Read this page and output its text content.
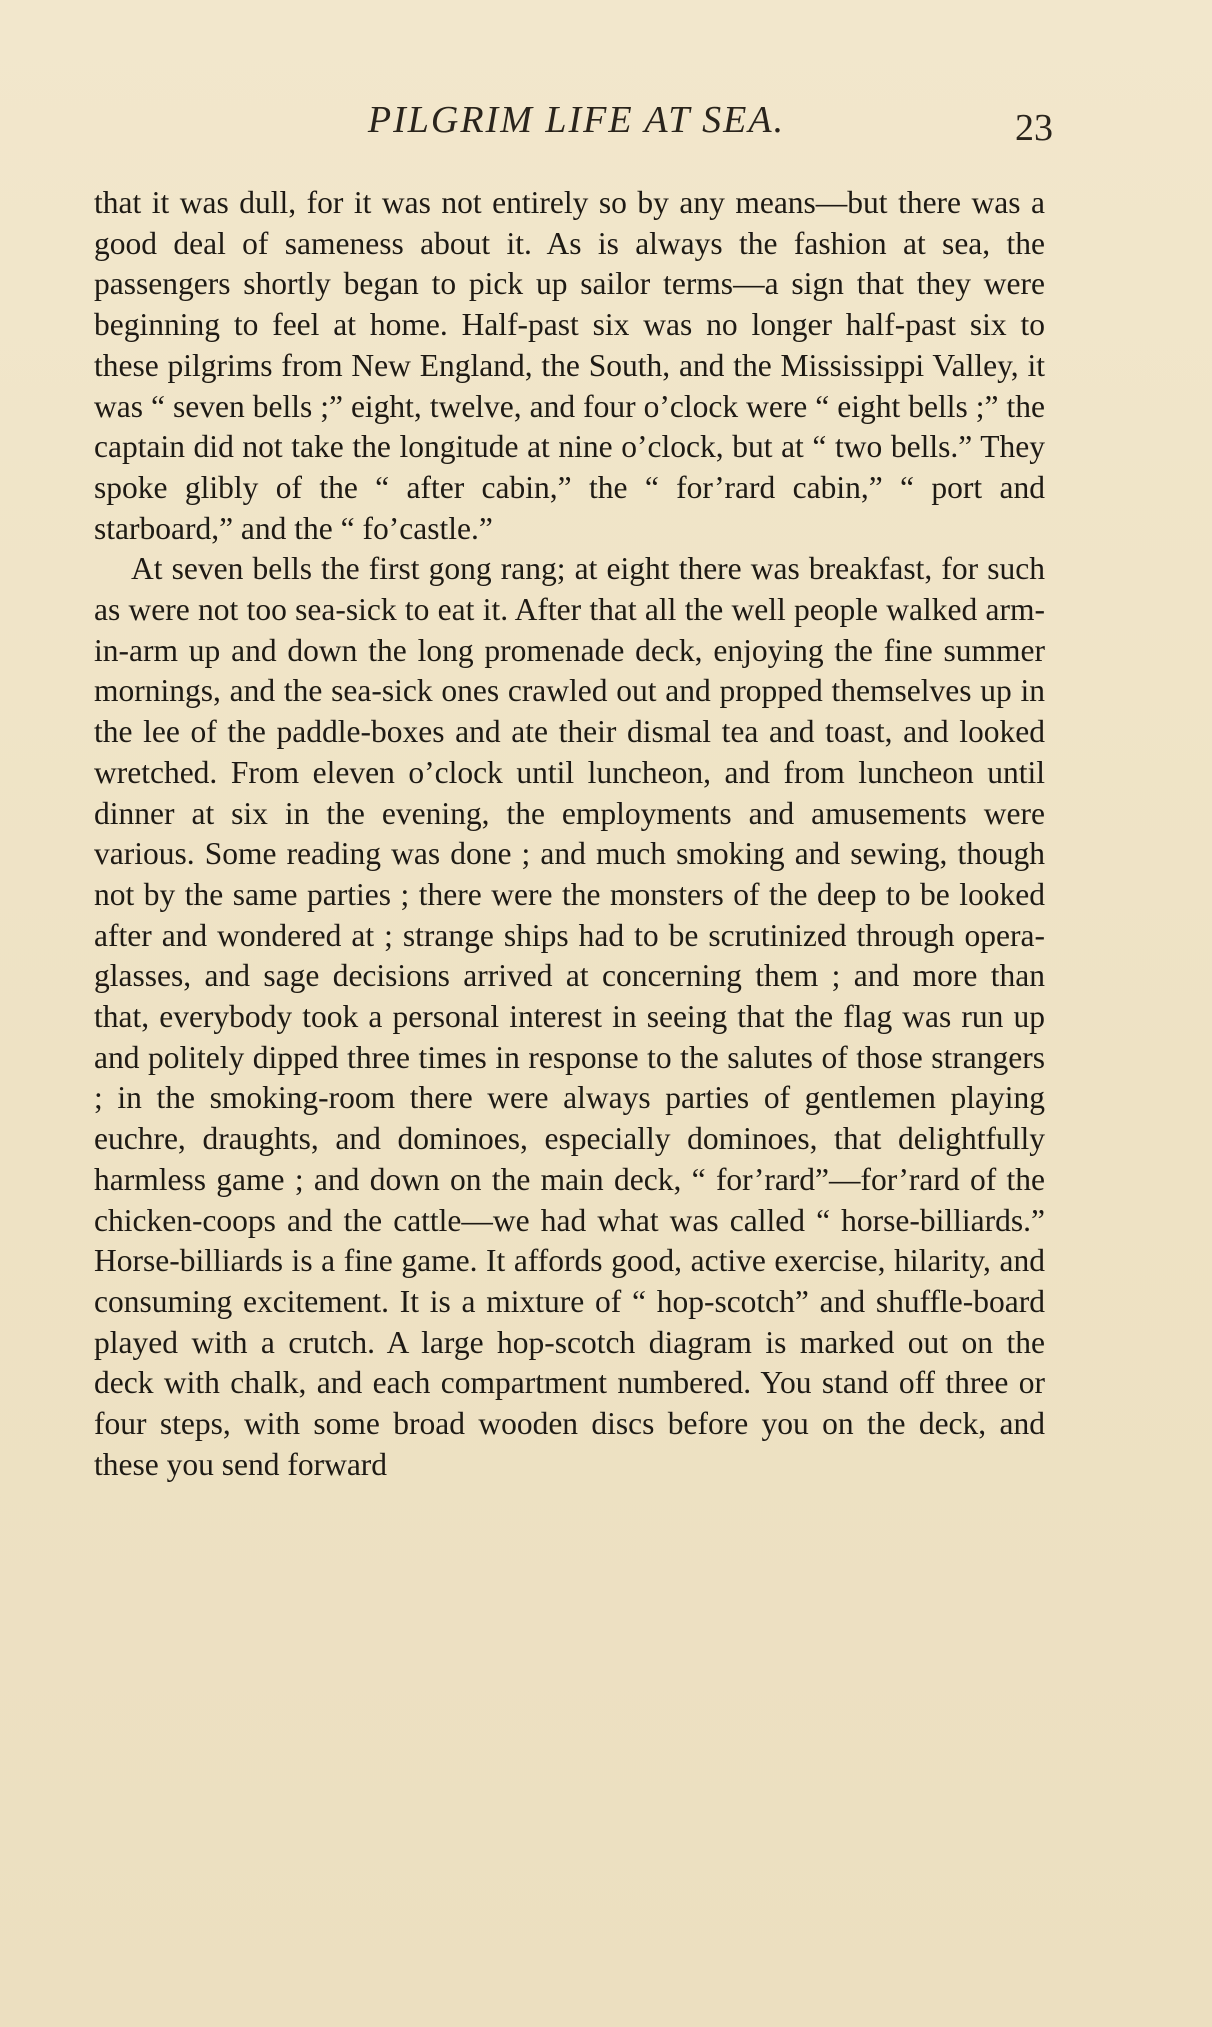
PILGRIM LIFE AT SEA.	23

that it was dull, for it was not entirely so by any means—but there was a good deal of sameness about it. As is always the fashion at sea, the passengers shortly began to pick up sailor terms—a sign that they were beginning to feel at home. Half-past six was no longer half-past six to these pilgrims from New England, the South, and the Mississippi Valley, it was “ seven bells ;” eight, twelve, and four o’clock were “ eight bells ;” the captain did not take the longitude at nine o’clock, but at “ two bells.” They spoke glibly of the “ after cabin,” the “ for’rard cabin,” “ port and starboard,” and the “ fo’castle.”

At seven bells the first gong rang; at eight there was breakfast, for such as were not too sea-sick to eat it. After that all the well people walked arm-in-arm up and down the long promenade deck, enjoying the fine summer mornings, and the sea-sick ones crawled out and propped themselves up in the lee of the paddle-boxes and ate their dismal tea and toast, and looked wretched. From eleven o’clock until luncheon, and from luncheon until dinner at six in the evening, the employments and amusements were various. Some reading was done ; and much smoking and sewing, though not by the same parties ; there were the monsters of the deep to be looked after and wondered at ; strange ships had to be scrutinized through opera-glasses, and sage decisions arrived at concerning them ; and more than that, everybody took a personal interest in seeing that the flag was run up and politely dipped three times in response to the salutes of those strangers ; in the smoking-room there were always parties of gentlemen playing euchre, draughts, and dominoes, especially dominoes, that delightfully harmless game ; and down on the main deck, “ for’rard”—for’rard of the chicken-coops and the cattle—we had what was called “ horse-billiards.” Horse-billiards is a fine game. It affords good, active exercise, hilarity, and consuming excitement. It is a mixture of “ hop-scotch” and shuffle-board played with a crutch. A large hop-scotch diagram is marked out on the deck with chalk, and each compartment numbered. You stand off three or four steps, with some broad wooden discs before you on the deck, and these you send forward
